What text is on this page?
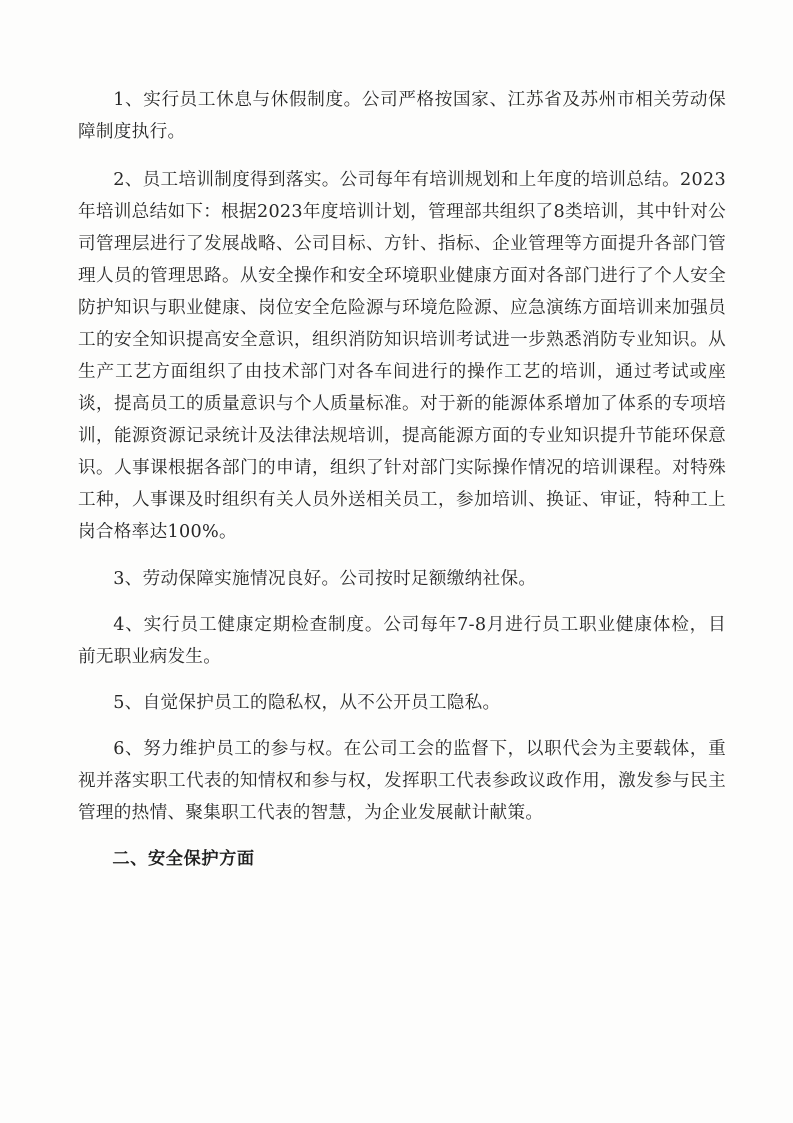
1、实行员工休息与休假制度。公司严格按国家、江苏省及苏州市相关劳动保障制度执行。

2、员工培训制度得到落实。公司每年有培训规划和上年度的培训总结。2023年培训总结如下：根据2023年度培训计划，管理部共组织了8类培训，其中针对公司管理层进行了发展战略、公司目标、方针、指标、企业管理等方面提升各部门管理人员的管理思路。从安全操作和安全环境职业健康方面对各部门进行了个人安全防护知识与职业健康、岗位安全危险源与环境危险源、应急演练方面培训来加强员工的安全知识提高安全意识，组织消防知识培训考试进一步熟悉消防专业知识。从生产工艺方面组织了由技术部门对各车间进行的操作工艺的培训，通过考试或座谈，提高员工的质量意识与个人质量标准。对于新的能源体系增加了体系的专项培训，能源资源记录统计及法律法规培训，提高能源方面的专业知识提升节能环保意识。人事课根据各部门的申请，组织了针对部门实际操作情况的培训课程。对特殊工种，人事课及时组织有关人员外送相关员工，参加培训、换证、审证，特种工上岗合格率达100%。

3、劳动保障实施情况良好。公司按时足额缴纳社保。

4、实行员工健康定期检查制度。公司每年7-8月进行员工职业健康体检，目前无职业病发生。

5、自觉保护员工的隐私权，从不公开员工隐私。

6、努力维护员工的参与权。在公司工会的监督下，以职代会为主要载体，重视并落实职工代表的知情权和参与权，发挥职工代表参政议政作用，激发参与民主管理的热情、聚集职工代表的智慧，为企业发展献计献策。

二、安全保护方面
